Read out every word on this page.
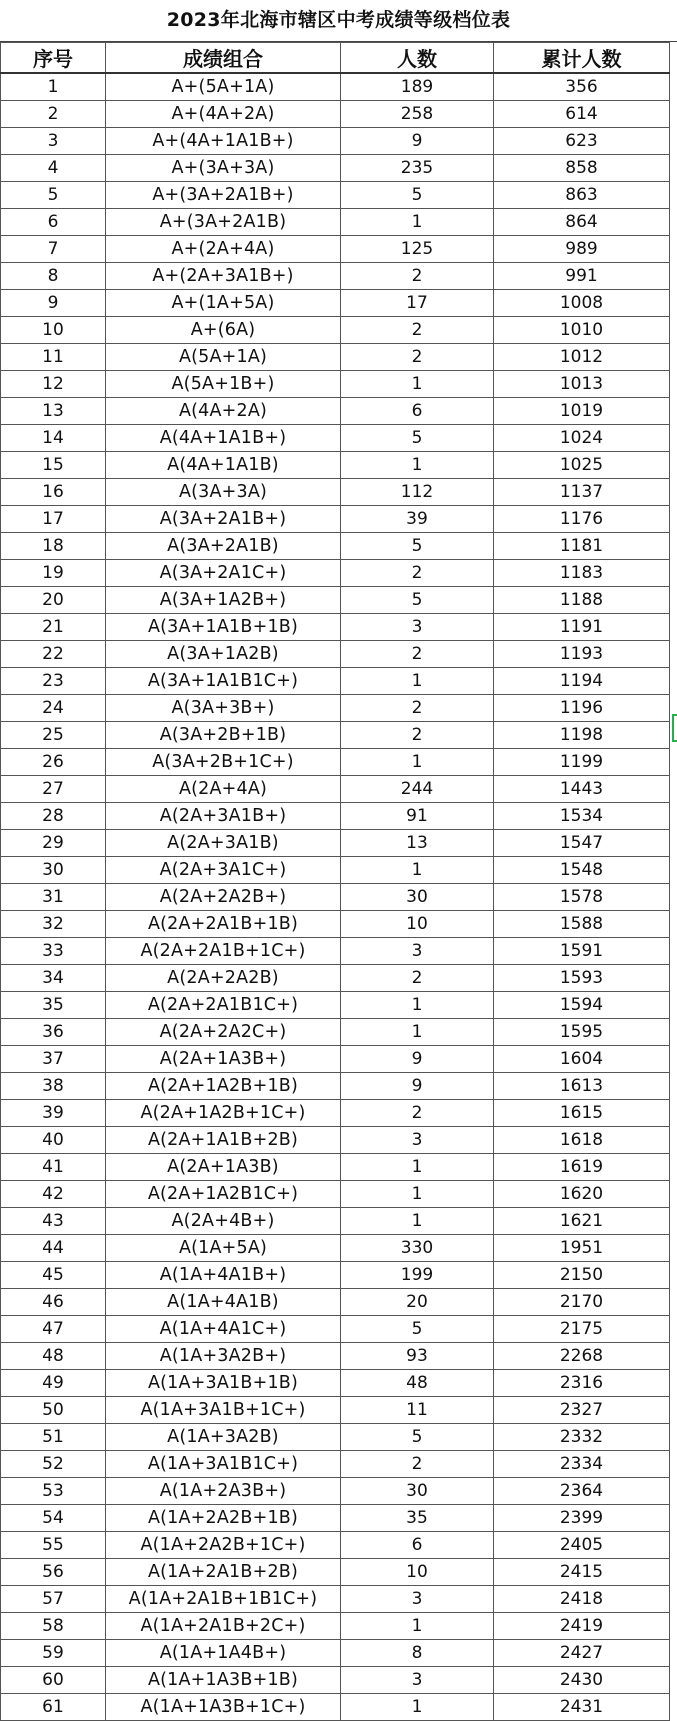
2023年北海市辖区中考成绩等级档位表
序号	成绩组合	人数	累计人数
1	A+(5A+1A)	189	356
2	A+(4A+2A)	258	614
3	A+(4A+1A1B+)	9	623
4	A+(3A+3A)	235	858
5	A+(3A+2A1B+)	5	863
6	A+(3A+2A1B)	1	864
7	A+(2A+4A)	125	989
8	A+(2A+3A1B+)	2	991
9	A+(1A+5A)	17	1008
10	A+(6A)	2	1010
11	A(5A+1A)	2	1012
12	A(5A+1B+)	1	1013
13	A(4A+2A)	6	1019
14	A(4A+1A1B+)	5	1024
15	A(4A+1A1B)	1	1025
16	A(3A+3A)	112	1137
17	A(3A+2A1B+)	39	1176
18	A(3A+2A1B)	5	1181
19	A(3A+2A1C+)	2	1183
20	A(3A+1A2B+)	5	1188
21	A(3A+1A1B+1B)	3	1191
22	A(3A+1A2B)	2	1193
23	A(3A+1A1B1C+)	1	1194
24	A(3A+3B+)	2	1196
25	A(3A+2B+1B)	2	1198
26	A(3A+2B+1C+)	1	1199
27	A(2A+4A)	244	1443
28	A(2A+3A1B+)	91	1534
29	A(2A+3A1B)	13	1547
30	A(2A+3A1C+)	1	1548
31	A(2A+2A2B+)	30	1578
32	A(2A+2A1B+1B)	10	1588
33	A(2A+2A1B+1C+)	3	1591
34	A(2A+2A2B)	2	1593
35	A(2A+2A1B1C+)	1	1594
36	A(2A+2A2C+)	1	1595
37	A(2A+1A3B+)	9	1604
38	A(2A+1A2B+1B)	9	1613
39	A(2A+1A2B+1C+)	2	1615
40	A(2A+1A1B+2B)	3	1618
41	A(2A+1A3B)	1	1619
42	A(2A+1A2B1C+)	1	1620
43	A(2A+4B+)	1	1621
44	A(1A+5A)	330	1951
45	A(1A+4A1B+)	199	2150
46	A(1A+4A1B)	20	2170
47	A(1A+4A1C+)	5	2175
48	A(1A+3A2B+)	93	2268
49	A(1A+3A1B+1B)	48	2316
50	A(1A+3A1B+1C+)	11	2327
51	A(1A+3A2B)	5	2332
52	A(1A+3A1B1C+)	2	2334
53	A(1A+2A3B+)	30	2364
54	A(1A+2A2B+1B)	35	2399
55	A(1A+2A2B+1C+)	6	2405
56	A(1A+2A1B+2B)	10	2415
57	A(1A+2A1B+1B1C+)	3	2418
58	A(1A+2A1B+2C+)	1	2419
59	A(1A+1A4B+)	8	2427
60	A(1A+1A3B+1B)	3	2430
61	A(1A+1A3B+1C+)	1	2431
